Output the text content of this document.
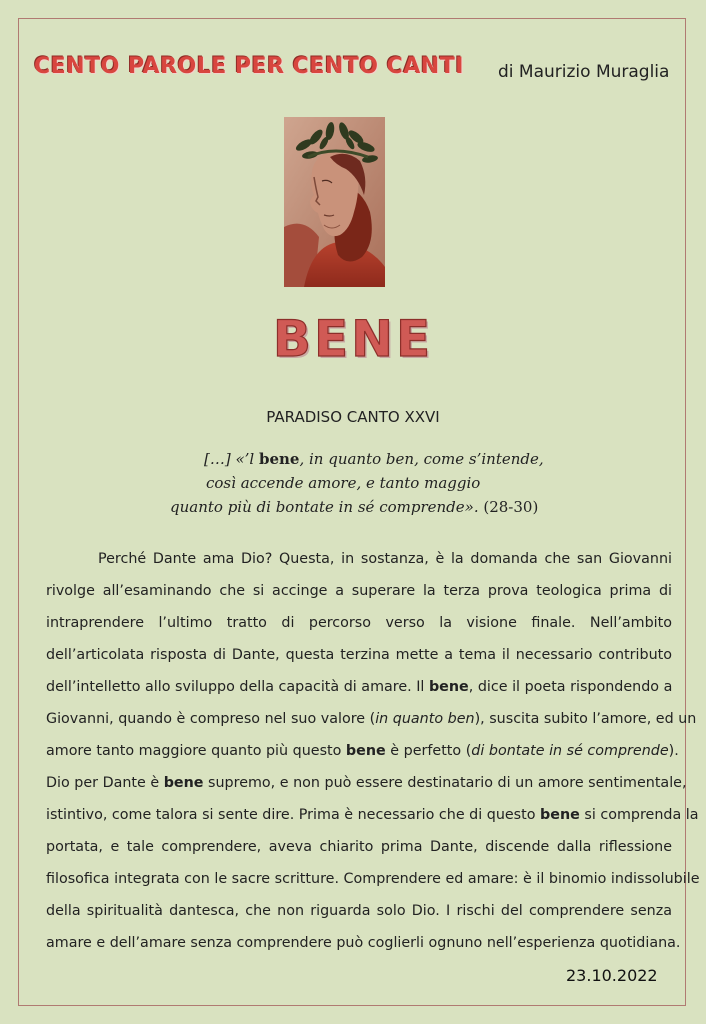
CENTO PAROLE PER CENTO CANTI di Maurizio Muraglia
BENE
PARADISO CANTO XXVI
[…] «’l bene, in quanto ben, come s’intende,
così accende amore, e tanto maggio
quanto più di bontate in sé comprende». (28-30)
Perché Dante ama Dio? Questa, in sostanza, è la domanda che san Giovanni
rivolge all’esaminando che si accinge a superare la terza prova teologica prima di
intraprendere l’ultimo tratto di percorso verso la visione finale. Nell’ambito
dell’articolata risposta di Dante, questa terzina mette a tema il necessario contributo
dell’intelletto allo sviluppo della capacità di amare. Il bene, dice il poeta rispondendo a
Giovanni, quando è compreso nel suo valore (in quanto ben), suscita subito l’amore, ed un
amore tanto maggiore quanto più questo bene è perfetto (di bontate in sé comprende).
Dio per Dante è bene supremo, e non può essere destinatario di un amore sentimentale,
istintivo, come talora si sente dire. Prima è necessario che di questo bene si comprenda la
portata, e tale comprendere, aveva chiarito prima Dante, discende dalla riflessione
filosofica integrata con le sacre scritture. Comprendere ed amare: è il binomio indissolubile
della spiritualità dantesca, che non riguarda solo Dio. I rischi del comprendere senza
amare e dell’amare senza comprendere può coglierli ognuno nell’esperienza quotidiana.
23.10.2022
